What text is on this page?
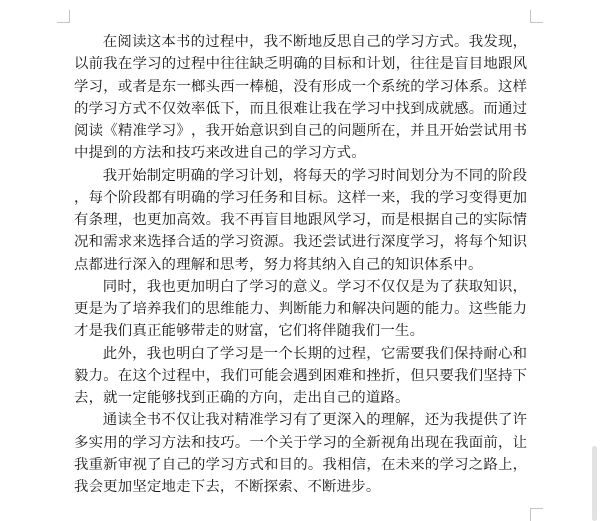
在阅读这本书的过程中，我不断地反思自己的学习方式。我发现，
以前我在学习的过程中往往缺乏明确的目标和计划，往往是盲目地跟风
学习，或者是东一榔头西一棒槌，没有形成一个系统的学习体系。这样
的学习方式不仅效率低下，而且很难让我在学习中找到成就感。而通过
阅读《精准学习》，我开始意识到自己的问题所在，并且开始尝试用书
中提到的方法和技巧来改进自己的学习方式。
我开始制定明确的学习计划，将每天的学习时间划分为不同的阶段
，每个阶段都有明确的学习任务和目标。这样一来，我的学习变得更加
有条理，也更加高效。我不再盲目地跟风学习，而是根据自己的实际情
况和需求来选择合适的学习资源。我还尝试进行深度学习，将每个知识
点都进行深入的理解和思考，努力将其纳入自己的知识体系中。
同时，我也更加明白了学习的意义。学习不仅仅是为了获取知识，
更是为了培养我们的思维能力、判断能力和解决问题的能力。这些能力
才是我们真正能够带走的财富，它们将伴随我们一生。
此外，我也明白了学习是一个长期的过程，它需要我们保持耐心和
毅力。在这个过程中，我们可能会遇到困难和挫折，但只要我们坚持下
去，就一定能够找到正确的方向，走出自己的道路。
通读全书不仅让我对精准学习有了更深入的理解，还为我提供了许
多实用的学习方法和技巧。一个关于学习的全新视角出现在我面前，让
我重新审视了自己的学习方式和目的。我相信，在未来的学习之路上，
我会更加坚定地走下去，不断探索、不断进步。
